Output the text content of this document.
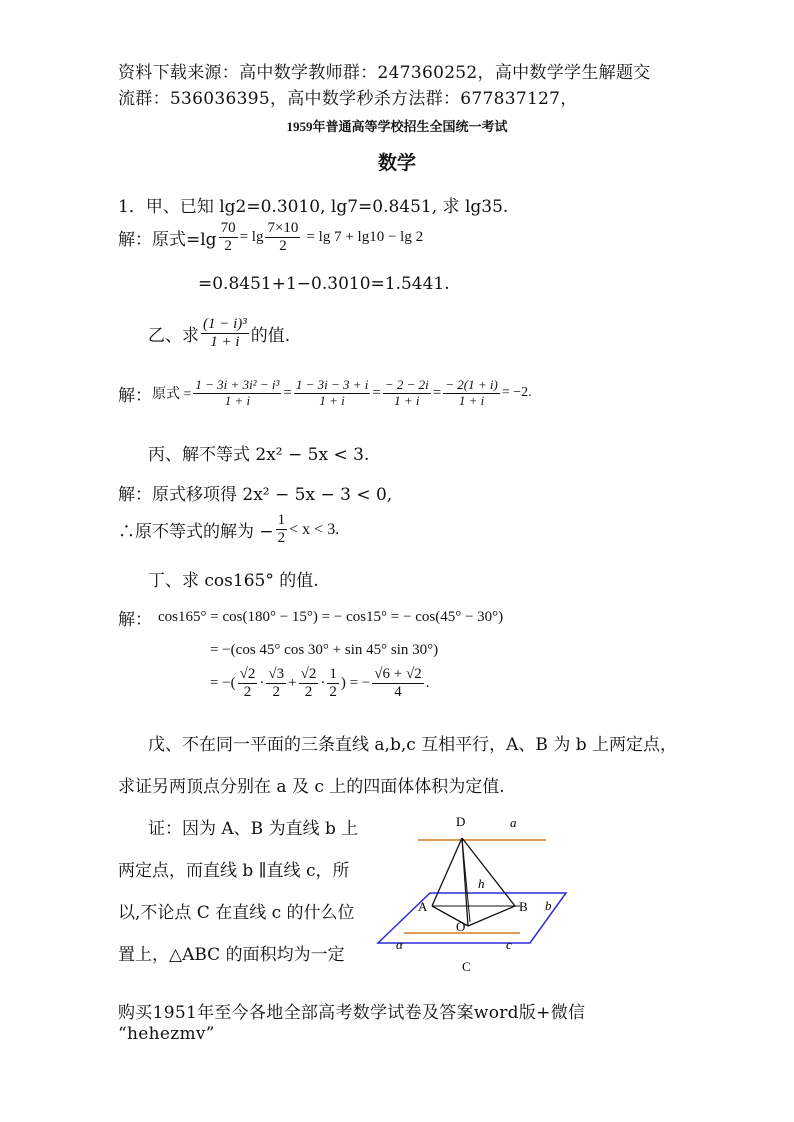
资料下载来源：高中数学教师群：247360252，高中数学学生解题交
流群：536036395，高中数学秒杀方法群：677837127，
1959年普通高等学校招生全国统一考试
数学
1．甲、已知 lg2=0.3010, lg7=0.8451, 求 lg35.
解： 原式$=\lg \frac{70}{2} = \lg \frac{7\times 10}{2} = \lg 7 + \lg 10 - \lg 2$
=0.8451+1−0.3010=1.5441.
乙、求 $\frac{\text{(1 − i)³}}{1 + i}$ 的值.
解： 原式 = $\frac{\text{1 − 3i + 3i² − i³}}{1 + i} = \frac{1 - 3i - 3 + i}{1 + i} = \frac{- 2 - 2i}{1 + i} = \frac{- 2(1 + i)}{1 + i} = -2$.
丙、解不等式 2x² − 5x < 3.
解： 原式移项得 2x² − 5x − 3 < 0,
∴原不等式的解为 − $\frac{1}{2} < x < 3$.
丁、求 cos165° 的值.
解： cos165° = cos(180° − 15°) = − cos15° = − cos(45° − 30°)
= −(cos 45° cos 30° + sin 45° sin 30°)
= −( $\frac{√2}{2} \cdot \frac{√3}{2} + \frac{√2}{2} \cdot \frac{1}{2}$ ) = − $\frac{√6 + √2}{4}$ .
戊、不在同一平面的三条直线 a,b,c 互相平行，A、B 为 b 上两定点，
求证另两顶点分别在 a 及 c 上的四面体体积为定值.
证：因为 A、B 为直线 b 上
两定点，而直线 b ∥直线 c，所
以,不论点 C 在直线 c 的什么位
置上，△ABC 的面积均为一定
D	a
h
A	B b
O
α	c
C
购买1951年至今各地全部高考数学试卷及答案word版+微信
“hehezmv”
